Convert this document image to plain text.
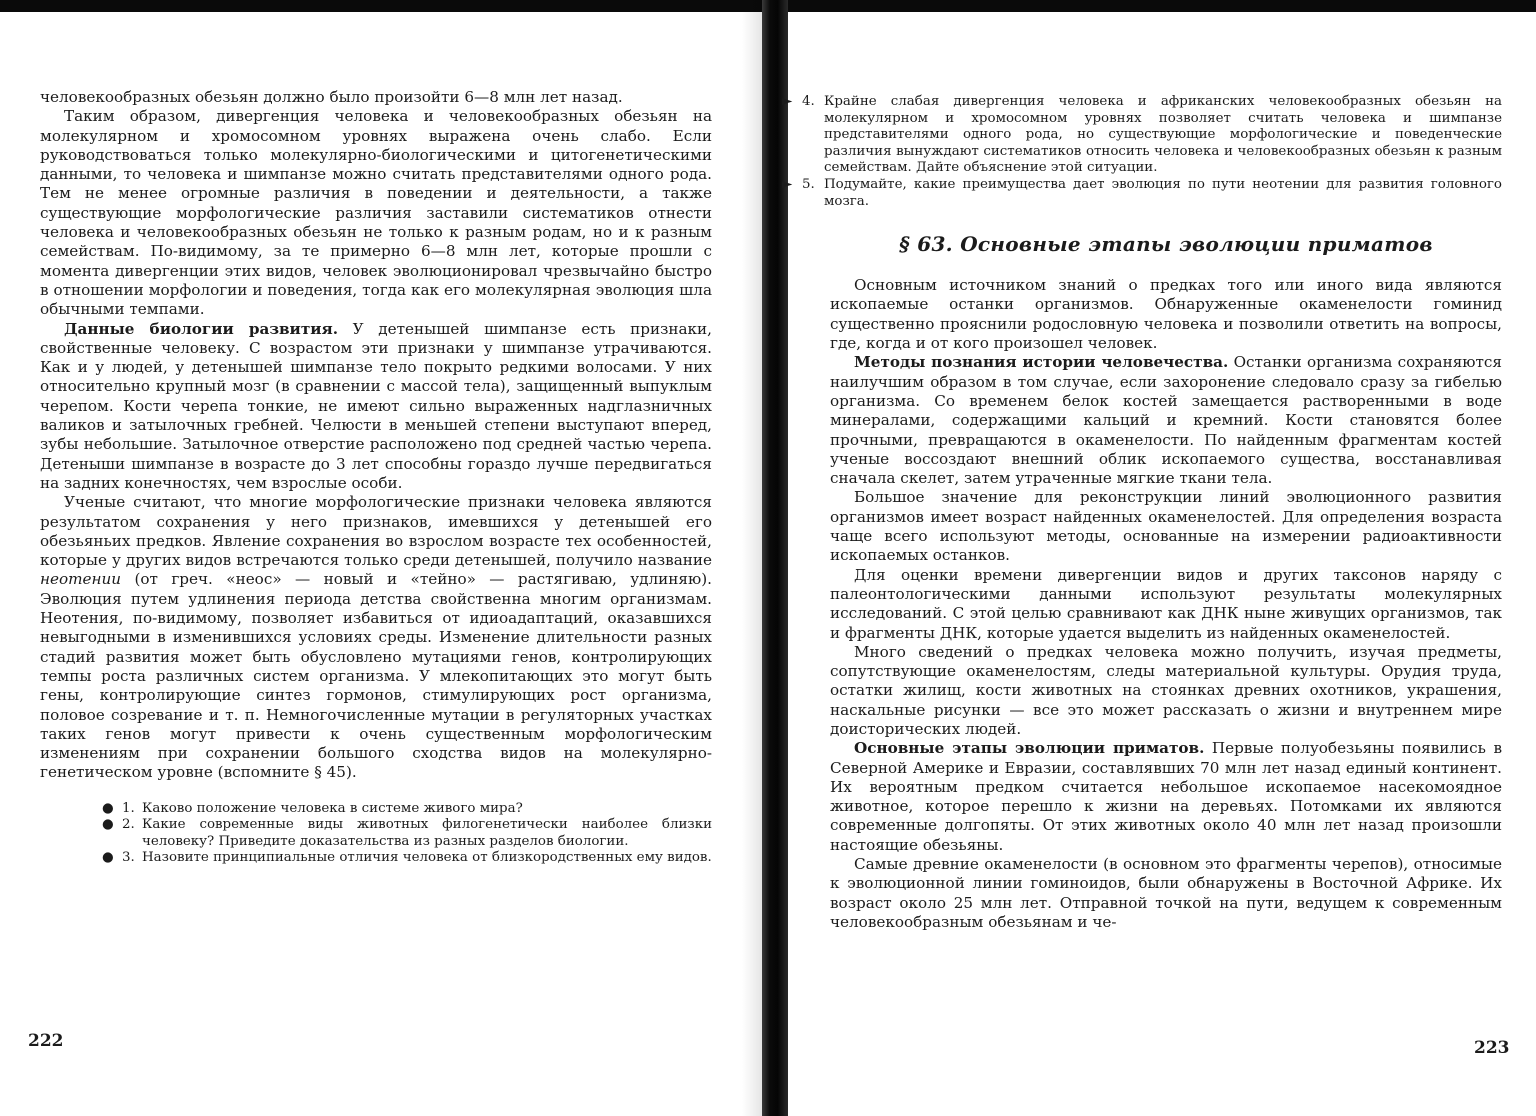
человекообразных обезьян должно было произойти 6—8 млн лет назад.

Таким образом, дивергенция человека и человекообразных обезьян на молекулярном и хромосомном уровнях выражена очень слабо. Если руководствоваться только молекулярно-биологическими и цитогенетическими данными, то человека и шимпанзе можно считать представителями одного рода. Тем не менее огромные различия в поведении и деятельности, а также существующие морфологические различия заставили систематиков отнести человека и человекообразных обезьян не только к разным родам, но и к разным семействам. По-видимому, за те примерно 6—8 млн лет, которые прошли с момента дивергенции этих видов, человек эволюционировал чрезвычайно быстро в отношении морфологии и поведения, тогда как его молекулярная эволюция шла обычными темпами.

Данные биологии развития. У детенышей шимпанзе есть признаки, свойственные человеку. С возрастом эти признаки у шимпанзе утрачиваются. Как и у людей, у детенышей шимпанзе тело покрыто редкими волосами. У них относительно крупный мозг (в сравнении с массой тела), защищенный выпуклым черепом. Кости черепа тонкие, не имеют сильно выраженных надглазничных валиков и затылочных гребней. Челюсти в меньшей степени выступают вперед, зубы небольшие. Затылочное отверстие расположено под средней частью черепа. Детеныши шимпанзе в возрасте до 3 лет способны гораздо лучше передвигаться на задних конечностях, чем взрослые особи.

Ученые считают, что многие морфологические признаки человека являются результатом сохранения у него признаков, имевшихся у детенышей его обезьяньих предков. Явление сохранения во взрослом возрасте тех особенностей, которые у других видов встречаются только среди детенышей, получило название неотении (от греч. «неос» — новый и «тейно» — растягиваю, удлиняю). Эволюция путем удлинения периода детства свойственна многим организмам. Неотения, по-видимому, позволяет избавиться от идиоадаптаций, оказавшихся невыгодными в изменившихся условиях среды. Изменение длительности разных стадий развития может быть обусловлено мутациями генов, контролирующих темпы роста различных систем организма. У млекопитающих это могут быть гены, контролирующие синтез гормонов, стимулирующих рост организма, половое созревание и т. п. Немногочисленные мутации в регуляторных участках таких генов могут привести к очень существенным морфологическим изменениям при сохранении большого сходства видов на молекулярно-генетическом уровне (вспомните § 45).

● 1. Каково положение человека в системе живого мира?
● 2. Какие современные виды животных филогенетически наиболее близки человеку? Приведите доказательства из разных разделов биологии.
● 3. Назовите принципиальные отличия человека от близкородственных ему видов.
222
► 4. Крайне слабая дивергенция человека и африканских человекообразных обезьян на молекулярном и хромосомном уровнях позволяет считать человека и шимпанзе представителями одного рода, но существующие морфологические и поведенческие различия вынуждают систематиков относить человека и человекообразных обезьян к разным семействам. Дайте объяснение этой ситуации.
► 5. Подумайте, какие преимущества дает эволюция по пути неотении для развития головного мозга.
§ 63. Основные этапы эволюции приматов

Основным источником знаний о предках того или иного вида являются ископаемые останки организмов. Обнаруженные окаменелости гоминид существенно прояснили родословную человека и позволили ответить на вопросы, где, когда и от кого произошел человек.

Методы познания истории человечества. Останки организма сохраняются наилучшим образом в том случае, если захоронение следовало сразу за гибелью организма. Со временем белок костей замещается растворенными в воде минералами, содержащими кальций и кремний. Кости становятся более прочными, превращаются в окаменелости. По найденным фрагментам костей ученые воссоздают внешний облик ископаемого существа, восстанавливая сначала скелет, затем утраченные мягкие ткани тела.

Большое значение для реконструкции линий эволюционного развития организмов имеет возраст найденных окаменелостей. Для определения возраста чаще всего используют методы, основанные на измерении радиоактивности ископаемых останков.

Для оценки времени дивергенции видов и других таксонов наряду с палеонтологическими данными используют результаты молекулярных исследований. С этой целью сравнивают как ДНК ныне живущих организмов, так и фрагменты ДНК, которые удается выделить из найденных окаменелостей.

Много сведений о предках человека можно получить, изучая предметы, сопутствующие окаменелостям, следы материальной культуры. Орудия труда, остатки жилищ, кости животных на стоянках древних охотников, украшения, наскальные рисунки — все это может рассказать о жизни и внутреннем мире доисторических людей.

Основные этапы эволюции приматов. Первые полуобезьяны появились в Северной Америке и Евразии, составлявших 70 млн лет назад единый континент. Их вероятным предком считается небольшое ископаемое насекомоядное животное, которое перешло к жизни на деревьях. Потомками их являются современные долгопяты. От этих животных около 40 млн лет назад произошли настоящие обезьяны.

Самые древние окаменелости (в основном это фрагменты черепов), относимые к эволюционной линии гоминоидов, были обнаружены в Восточной Африке. Их возраст около 25 млн лет. Отправной точкой на пути, ведущем к современным человекообразным обезьянам и че-

223
